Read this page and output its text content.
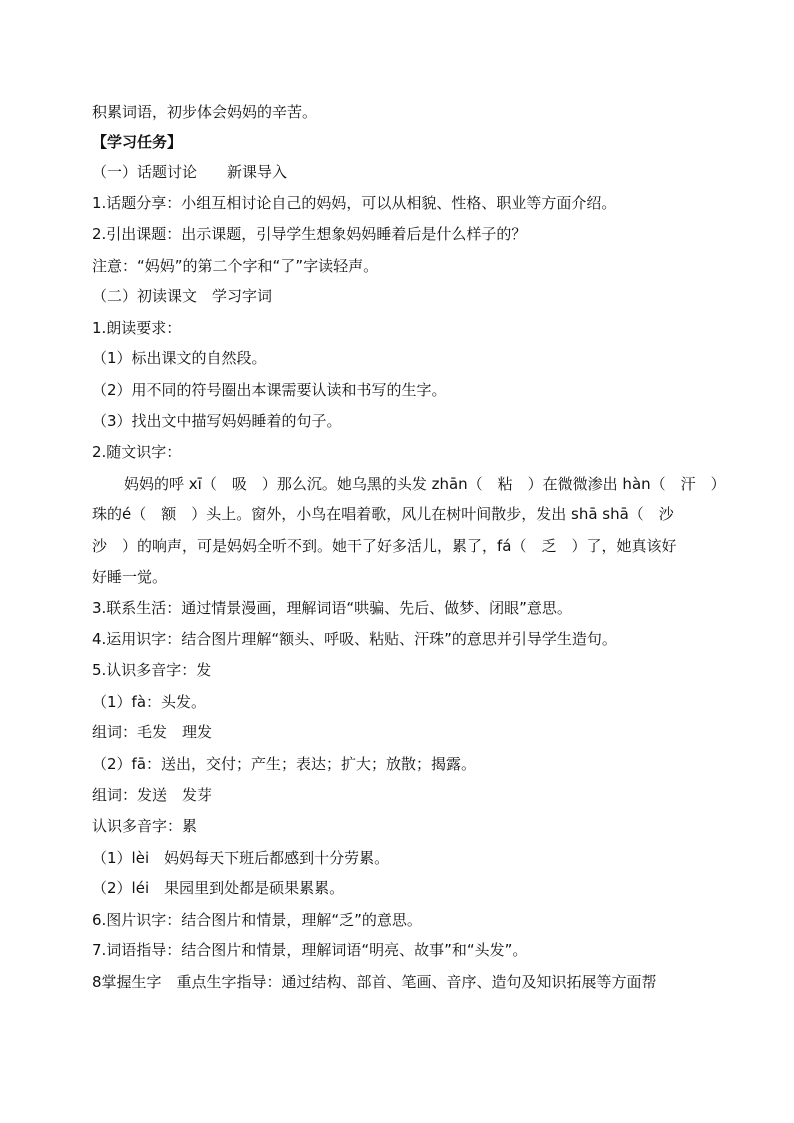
积累词语，初步体会妈妈的辛苦。
【学习任务】
（一）话题讨论　　新课导入
1.话题分享：小组互相讨论自己的妈妈，可以从相貌、性格、职业等方面介绍。
2.引出课题：出示课题，引导学生想象妈妈睡着后是什么样子的？
注意：“妈妈”的第二个字和“了”字读轻声。
（二）初读课文　学习字词
1.朗读要求：
（1）标出课文的自然段。
（2）用不同的符号圈出本课需要认读和书写的生字。
（3）找出文中描写妈妈睡着的句子。
2.随文识字：
妈妈的呼 xī（　吸　）那么沉。她乌黑的头发 zhān（　粘　）在微微渗出 hàn（　汗　）
珠的é（　额　）头上。窗外，小鸟在唱着歌，风儿在树叶间散步，发出 shā shā（　沙
沙　）的响声，可是妈妈全听不到。她干了好多活儿，累了，fá（　乏　）了，她真该好
好睡一觉。
3.联系生活：通过情景漫画，理解词语“哄骗、先后、做梦、闭眼”意思。
4.运用识字：结合图片理解“额头、呼吸、粘贴、汗珠”的意思并引导学生造句。
5.认识多音字：发
（1）fà：头发。
组词：毛发　理发
（2）fā：送出，交付；产生；表达；扩大；放散；揭露。
组词：发送　发芽
认识多音字：累
（1）lèi　妈妈每天下班后都感到十分劳累。
（2）léi　果园里到处都是硕果累累。
6.图片识字：结合图片和情景，理解“乏”的意思。
7.词语指导：结合图片和情景，理解词语“明亮、故事”和“头发”。
8掌握生字　重点生字指导：通过结构、部首、笔画、音序、造句及知识拓展等方面帮
